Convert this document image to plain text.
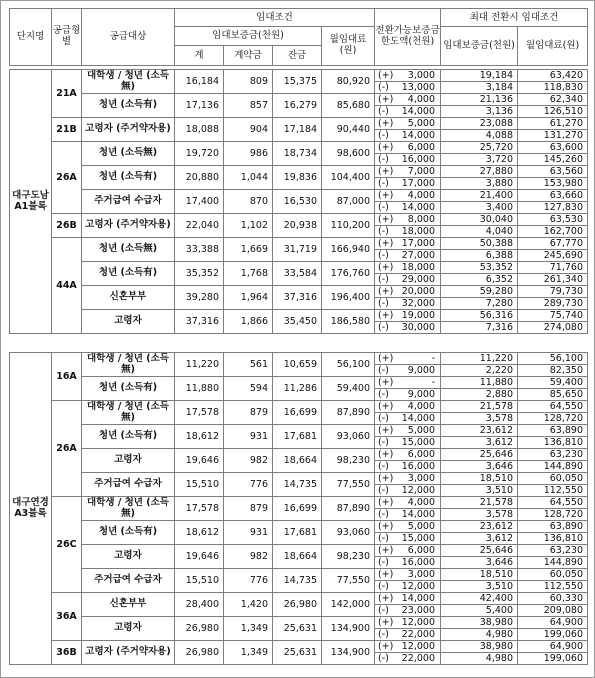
단지명	공급형별	공급대상	임대조건				전환가능보증금한도액(천원)	최대 전환시 임대조건	
			임대보증금(천원)			월임대료(원)		임대보증금(천원)	월임대료(원)
			계	계약금	잔금				
대구도남 A1블록	21A	대학생 / 청년 (소득無)	16,184	809	15,375	80,920	(+)	3,000	19,184	63,420
							(-)	13,000	3,184	118,830
		청년 (소득有)	17,136	857	16,279	85,680	(+)	4,000	21,136	62,340
							(-)	14,000	3,136	126,510
	21B	고령자 (주거약자용)	18,088	904	17,184	90,440	(+)	5,000	23,088	61,270
							(-)	14,000	4,088	131,270
	26A	청년 (소득無)	19,720	986	18,734	98,600	(+)	6,000	25,720	63,600
							(-)	16,000	3,720	145,260
		청년 (소득有)	20,880	1,044	19,836	104,400	(+)	7,000	27,880	63,560
							(-)	17,000	3,880	153,980
		주거급여 수급자	17,400	870	16,530	87,000	(+)	4,000	21,400	63,660
							(-)	14,000	3,400	127,830
	26B	고령자 (주거약자용)	22,040	1,102	20,938	110,200	(+)	8,000	30,040	63,530
							(-)	18,000	4,040	162,700
	44A	청년 (소득無)	33,388	1,669	31,719	166,940	(+)	17,000	50,388	67,770
							(-)	27,000	6,388	245,690
		청년 (소득有)	35,352	1,768	33,584	176,760	(+)	18,000	53,352	71,760
							(-)	29,000	6,352	261,340
		신혼부부	39,280	1,964	37,316	196,400	(+)	20,000	59,280	79,730
							(-)	32,000	7,280	289,730
		고령자	37,316	1,866	35,450	186,580	(+)	19,000	56,316	75,740
							(-)	30,000	7,316	274,080
대구연경 A3블록	16A	대학생 / 청년 (소득無)	11,220	561	10,659	56,100	(+)	-	11,220	56,100
							(-)	9,000	2,220	82,350
		청년 (소득有)	11,880	594	11,286	59,400	(+)	-	11,880	59,400
							(-)	9,000	2,880	85,650
	26A	대학생 / 청년 (소득無)	17,578	879	16,699	87,890	(+)	4,000	21,578	64,550
							(-)	14,000	3,578	128,720
		청년 (소득有)	18,612	931	17,681	93,060	(+)	5,000	23,612	63,890
							(-)	15,000	3,612	136,810
		고령자	19,646	982	18,664	98,230	(+)	6,000	25,646	63,230
							(-)	16,000	3,646	144,890
		주거급여 수급자	15,510	776	14,735	77,550	(+)	3,000	18,510	60,050
							(-)	12,000	3,510	112,550
	26C	대학생 / 청년 (소득無)	17,578	879	16,699	87,890	(+)	4,000	21,578	64,550
							(-)	14,000	3,578	128,720
		청년 (소득有)	18,612	931	17,681	93,060	(+)	5,000	23,612	63,890
							(-)	15,000	3,612	136,810
		고령자	19,646	982	18,664	98,230	(+)	6,000	25,646	63,230
							(-)	16,000	3,646	144,890
		주거급여 수급자	15,510	776	14,735	77,550	(+)	3,000	18,510	60,050
							(-)	12,000	3,510	112,550
	36A	신혼부부	28,400	1,420	26,980	142,000	(+)	14,000	42,400	60,330
							(-)	23,000	5,400	209,080
		고령자	26,980	1,349	25,631	134,900	(+)	12,000	38,980	64,900
							(-)	22,000	4,980	199,060
	36B	고령자 (주거약자용)	26,980	1,349	25,631	134,900	(+)	12,000	38,980	64,900
							(-)	22,000	4,980	199,060
